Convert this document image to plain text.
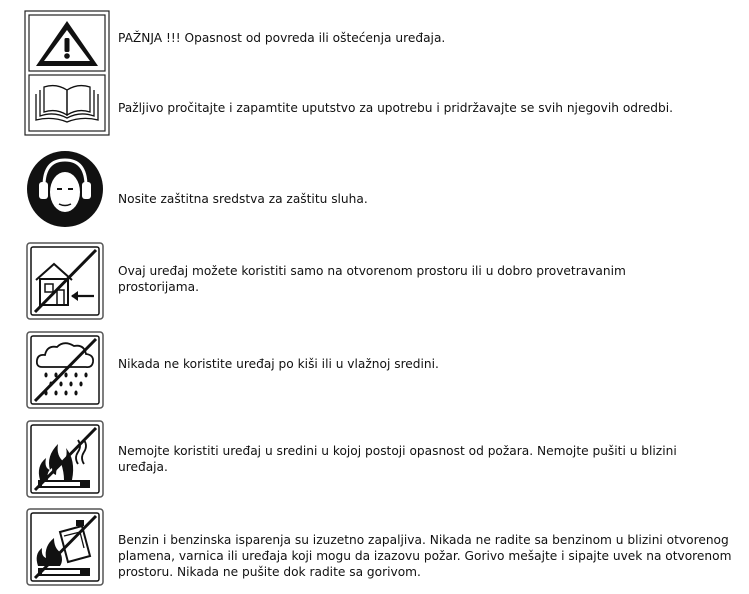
PAŽNJA !!! Opasnost od povreda ili oštećenja uređaja.

Pažljivo pročitajte i zapamtite uputstvo za upotrebu i pridržavajte se svih njegovih odredbi.

Nosite zaštitna sredstva za zaštitu sluha.

Ovaj uređaj možete koristiti samo na otvorenom prostoru ili u dobro provetravanim prostorijama.

Nikada ne koristite uređaj po kiši ili u vlažnoj sredini.

Nemojte koristiti uređaj u sredini u kojoj postoji opasnost od požara. Nemojte pušiti u blizini uređaja.

Benzin i benzinska isparenja su izuzetno zapaljiva. Nikada ne radite sa benzinom u blizini otvorenog plamena, varnica ili uređaja koji mogu da izazovu požar. Gorivo mešajte i sipajte uvek na otvorenom prostoru. Nikada ne pušite dok radite sa gorivom.
